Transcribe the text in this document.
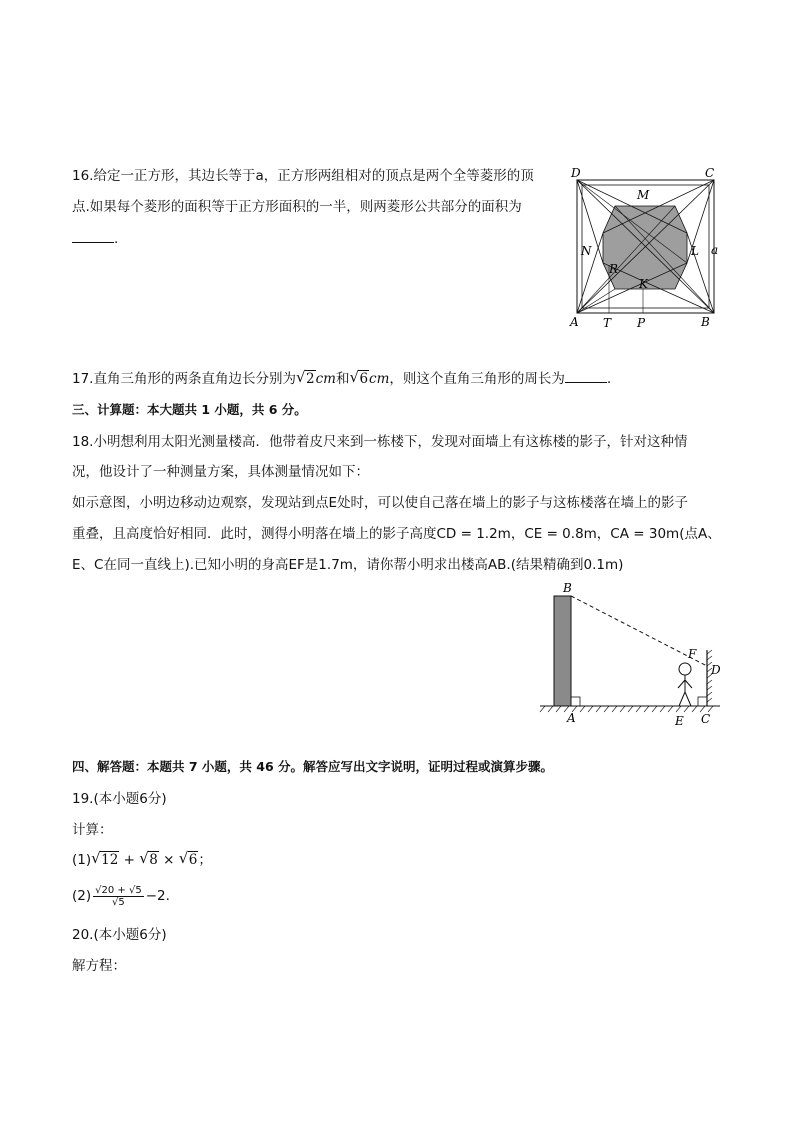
16.给定一正方形，其边长等于a，正方形两组相对的顶点是两个全等菱形的顶
点.如果每个菱形的面积等于正方形面积的一半，则两菱形公共部分的面积为
.
D	C
M
N	L a
R
K
A T P	B
17.直角三角形的两条直角边长分别为 √ 2cm和 √ 6cm，则这个直角三角形的周长为	.
三、计算题：本大题共 1 小题，共 6 分。
18.小明想利用太阳光测量楼高．他带着皮尺来到一栋楼下，发现对面墙上有这栋楼的影子，针对这种情
况，他设计了一种测量方案，具体测量情况如下：
如示意图，小明边移动边观察，发现站到点E处时，可以使自己落在墙上的影子与这栋楼落在墙上的影子
重叠，且高度恰好相同．此时，测得小明落在墙上的影子高度CD = 1.2m，CE = 0.8m，CA = 30m(点A、
E、C在同一直线上).已知小明的身高EF是1.7m，请你帮小明求出楼高AB.(结果精确到0.1m)
B
F
D
A	E C
四、解答题：本题共 7 小题，共 46 分。解答应写出文字说明，证明过程或演算步骤。
19.(本小题6分)
计算：
(1) √ 12 + √ 8 × √ 6；
$(2) \frac{√20 + √5}{√5} -2$.
20.(本小题6分)
解方程：
